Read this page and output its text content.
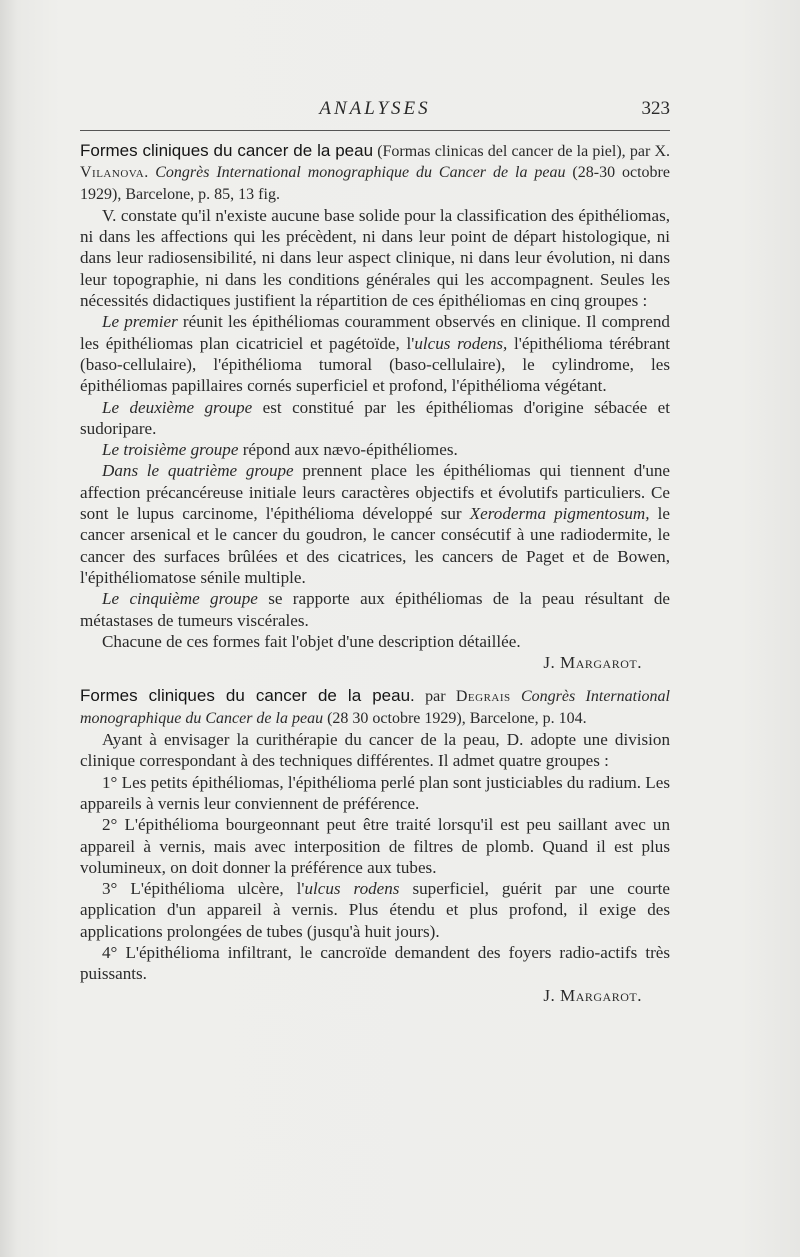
ANALYSES	323

Formes cliniques du cancer de la peau (Formas clinicas del cancer de la piel), par X. Vilanova. Congrès International monographique du Cancer de la peau (28-30 octobre 1929), Barcelone, p. 85, 13 fig.

V. constate qu'il n'existe aucune base solide pour la classification des épithéliomas, ni dans les affections qui les précèdent, ni dans leur point de départ histologique, ni dans leur radiosensibilité, ni dans leur aspect clinique, ni dans leur évolution, ni dans leur topographie, ni dans les conditions générales qui les accompagnent. Seules les nécessités didactiques justifient la répartition de ces épithéliomas en cinq groupes :

Le premier réunit les épithéliomas couramment observés en clinique. Il comprend les épithéliomas plan cicatriciel et pagétoïde, l'ulcus rodens, l'épithélioma térébrant (baso-cellulaire), l'épithélioma tumoral (baso-cellulaire), le cylindrome, les épithéliomas papillaires cornés superficiel et profond, l'épithélioma végétant.

Le deuxième groupe est constitué par les épithéliomas d'origine sébacée et sudoripare.

Le troisième groupe répond aux nævo-épithéliomes.

Dans le quatrième groupe prennent place les épithéliomas qui tiennent d'une affection précancéreuse initiale leurs caractères objectifs et évolutifs particuliers. Ce sont le lupus carcinome, l'épithélioma développé sur Xeroderma pigmentosum, le cancer arsenical et le cancer du goudron, le cancer consécutif à une radiodermite, le cancer des surfaces brûlées et des cicatrices, les cancers de Paget et de Bowen, l'épithéliomatose sénile multiple.

Le cinquième groupe se rapporte aux épithéliomas de la peau résultant de métastases de tumeurs viscérales.

Chacune de ces formes fait l'objet d'une description détaillée.

J. Margarot.

Formes cliniques du cancer de la peau. par Degrais Congrès International monographique du Cancer de la peau (28 30 octobre 1929), Barcelone, p. 104.

Ayant à envisager la curithérapie du cancer de la peau, D. adopte une division clinique correspondant à des techniques différentes. Il admet quatre groupes :

1° Les petits épithéliomas, l'épithélioma perlé plan sont justiciables du radium. Les appareils à vernis leur conviennent de préférence.

2° L'épithélioma bourgeonnant peut être traité lorsqu'il est peu saillant avec un appareil à vernis, mais avec interposition de filtres de plomb. Quand il est plus volumineux, on doit donner la préférence aux tubes.

3° L'épithélioma ulcère, l'ulcus rodens superficiel, guérit par une courte application d'un appareil à vernis. Plus étendu et plus profond, il exige des applications prolongées de tubes (jusqu'à huit jours).

4° L'épithélioma infiltrant, le cancroïde demandent des foyers radio-actifs très puissants.

J. Margarot.
